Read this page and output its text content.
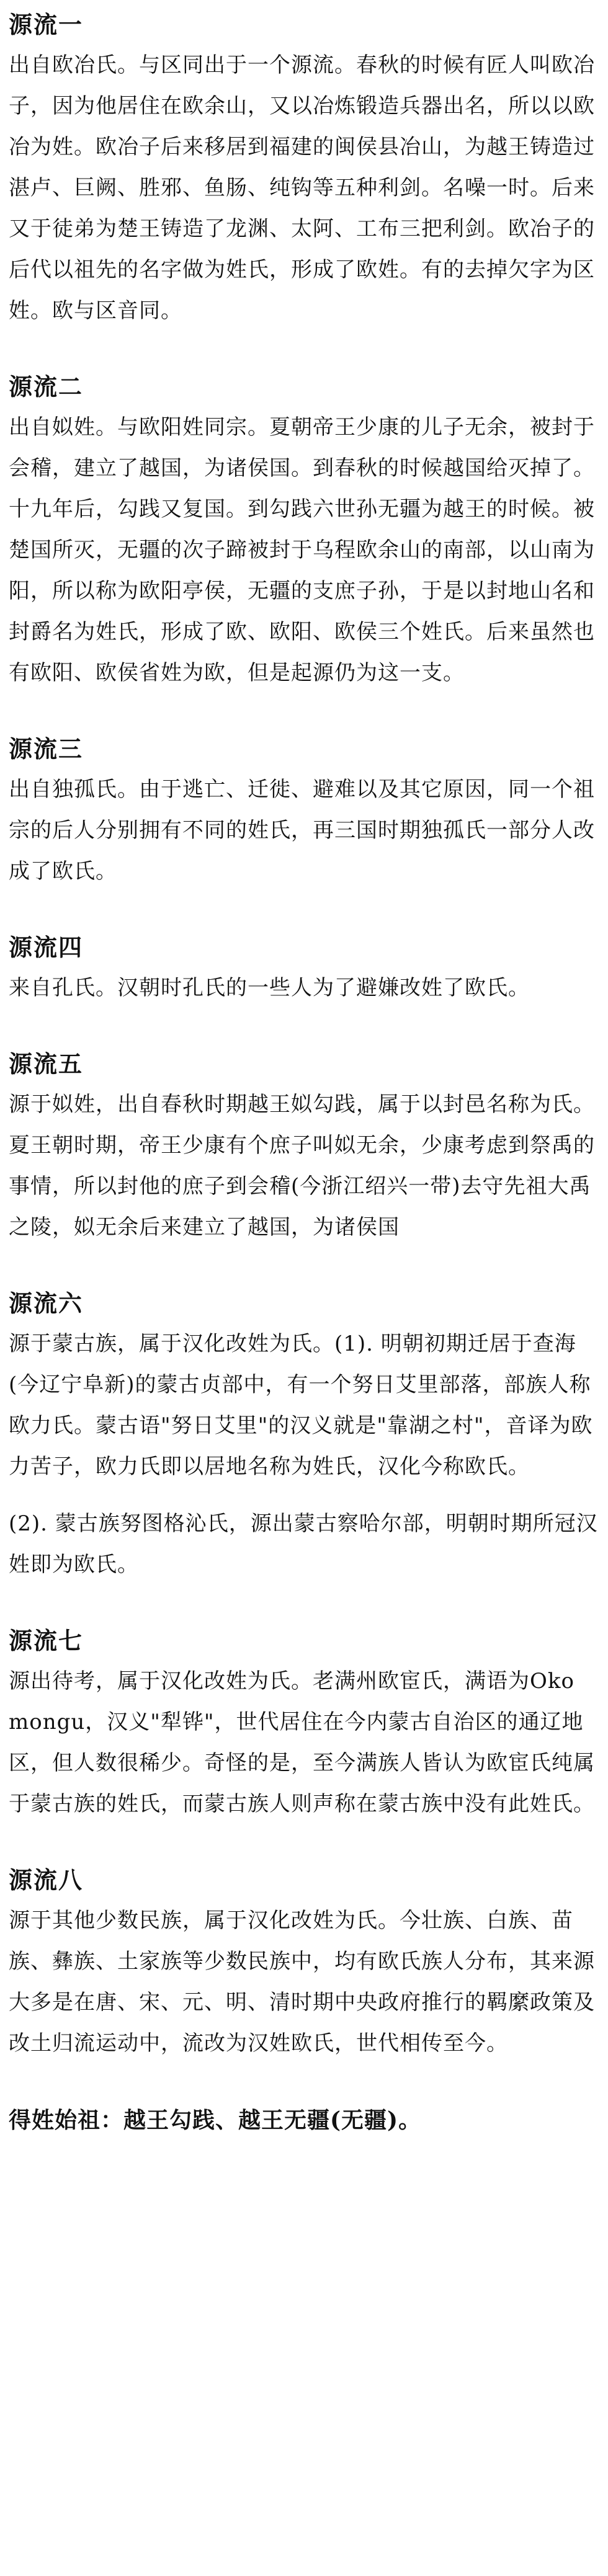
源流一

出自欧冶氏。与区同出于一个源流。春秋的时候有匠人叫欧冶子，因为他居住在欧余山，又以冶炼锻造兵器出名，所以以欧冶为姓。欧冶子后来移居到福建的闽侯县冶山，为越王铸造过湛卢、巨阙、胜邪、鱼肠、纯钩等五种利剑。名噪一时。后来又于徒弟为楚王铸造了龙渊、太阿、工布三把利剑。欧冶子的后代以祖先的名字做为姓氏，形成了欧姓。有的去掉欠字为区姓。欧与区音同。

源流二

出自姒姓。与欧阳姓同宗。夏朝帝王少康的儿子无余，被封于会稽，建立了越国，为诸侯国。到春秋的时候越国给灭掉了。十九年后，勾践又复国。到勾践六世孙无疆为越王的时候。被楚国所灭，无疆的次子蹄被封于乌程欧余山的南部，以山南为阳，所以称为欧阳亭侯，无疆的支庶子孙，于是以封地山名和封爵名为姓氏，形成了欧、欧阳、欧侯三个姓氏。后来虽然也有欧阳、欧侯省姓为欧，但是起源仍为这一支。

源流三

出自独孤氏。由于逃亡、迁徙、避难以及其它原因，同一个祖宗的后人分别拥有不同的姓氏，再三国时期独孤氏一部分人改成了欧氏。

源流四

来自孔氏。汉朝时孔氏的一些人为了避嫌改姓了欧氏。

源流五

源于姒姓，出自春秋时期越王姒勾践，属于以封邑名称为氏。夏王朝时期，帝王少康有个庶子叫姒无余，少康考虑到祭禹的事情，所以封他的庶子到会稽(今浙江绍兴一带)去守先祖大禹之陵，姒无余后来建立了越国，为诸侯国

源流六

源于蒙古族，属于汉化改姓为氏。(1). 明朝初期迁居于查海(今辽宁阜新)的蒙古贞部中，有一个努日艾里部落，部族人称欧力氏。蒙古语"努日艾里"的汉义就是"靠湖之村"，音译为欧力苦子，欧力氏即以居地名称为姓氏，汉化今称欧氏。

(2). 蒙古族努图格沁氏，源出蒙古察哈尔部，明朝时期所冠汉姓即为欧氏。

源流七

源出待考，属于汉化改姓为氏。老满州欧宦氏，满语为Oko mongu，汉义"犁铧"，世代居住在今内蒙古自治区的通辽地区，但人数很稀少。奇怪的是，至今满族人皆认为欧宦氏纯属于蒙古族的姓氏，而蒙古族人则声称在蒙古族中没有此姓氏。

源流八

源于其他少数民族，属于汉化改姓为氏。今壮族、白族、苗族、彝族、土家族等少数民族中，均有欧氏族人分布，其来源大多是在唐、宋、元、明、清时期中央政府推行的羁縻政策及改土归流运动中，流改为汉姓欧氏，世代相传至今。

得姓始祖：越王勾践、越王无疆(无疆)。
